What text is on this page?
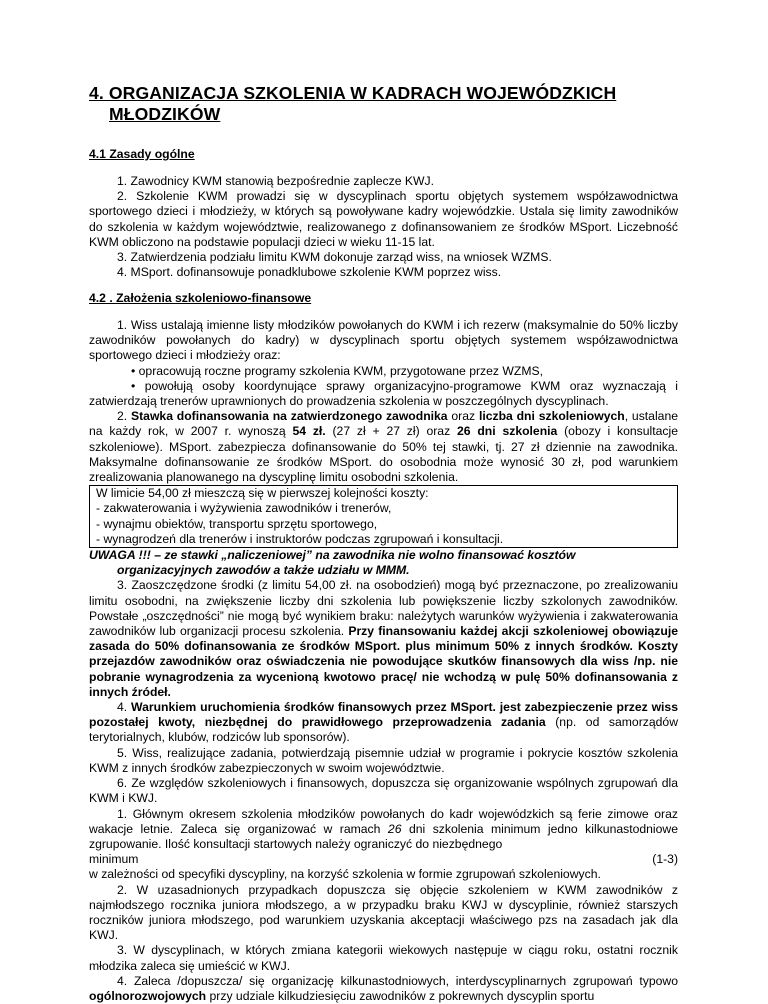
4. ORGANIZACJA SZKOLENIA W KADRACH WOJEWÓDZKICH
MŁODZIKÓW
4.1 Zasady ogólne

1. Zawodnicy KWM stanowią bezpośrednie zaplecze KWJ.

2. Szkolenie KWM prowadzi się w dyscyplinach sportu objętych systemem współzawodnictwa sportowego dzieci i młodzieży, w których są powoływane kadry wojewódzkie. Ustala się limity zawodników do szkolenia w każdym województwie, realizowanego z dofinansowaniem ze środków MSport. Liczebność KWM obliczono na podstawie populacji dzieci w wieku 11-15 lat.

3. Zatwierdzenia podziału limitu KWM dokonuje zarząd wiss, na wniosek WZMS.

4. MSport. dofinansowuje ponadklubowe szkolenie KWM poprzez wiss.

4.2 . Założenia szkoleniowo-finansowe

1. Wiss ustalają imienne listy młodzików powołanych do KWM i ich rezerw (maksymalnie do 50% liczby zawodników powołanych do kadry) w dyscyplinach sportu objętych systemem współzawodnictwa sportowego dzieci i młodzieży oraz:

• opracowują roczne programy szkolenia KWM, przygotowane przez WZMS,

• powołują osoby koordynujące sprawy organizacyjno-programowe KWM oraz wyznaczają i zatwierdzają trenerów uprawnionych do prowadzenia szkolenia w poszczególnych dyscyplinach.

2. Stawka dofinansowania na zatwierdzonego zawodnika oraz liczba dni szkoleniowych, ustalane na każdy rok, w 2007 r. wynoszą 54 zł. (27 zł + 27 zł) oraz 26 dni szkolenia (obozy i konsultacje szkoleniowe). MSport. zabezpiecza dofinansowanie do 50% tej stawki, tj. 27 zł dziennie na zawodnika. Maksymalne dofinansowanie ze środków MSport. do osobodnia może wynosić 30 zł, pod warunkiem zrealizowania planowanego na dyscyplinę limitu osobodni szkolenia.

W limicie 54,00 zł mieszczą się w pierwszej kolejności koszty:

- zakwaterowania i wyżywienia zawodników i trenerów,

- wynajmu obiektów, transportu sprzętu sportowego,

- wynagrodzeń dla trenerów i instruktorów podczas zgrupowań i konsultacji.

UWAGA !!! – ze stawki „naliczeniowej” na zawodnika nie wolno finansować kosztów

organizacyjnych zawodów a także udziału w MMM.

3. Zaoszczędzone środki (z limitu 54,00 zł. na osobodzień) mogą być przeznaczone, po zrealizowaniu limitu osobodni, na zwiększenie liczby dni szkolenia lub powiększenie liczby szkolonych zawodników. Powstałe „oszczędności” nie mogą być wynikiem braku: należytych warunków wyżywienia i zakwaterowania zawodników lub organizacji procesu szkolenia. Przy finansowaniu każdej akcji szkoleniowej obowiązuje zasada do 50% dofinansowania ze środków MSport. plus minimum 50% z innych środków. Koszty przejazdów zawodników oraz oświadczenia nie powodujące skutków finansowych dla wiss /np. nie pobranie wynagrodzenia za wycenioną kwotowo pracę/ nie wchodzą w pulę 50% dofinansowania z innych źródeł.

4. Warunkiem uruchomienia środków finansowych przez MSport. jest zabezpieczenie przez wiss pozostałej kwoty, niezbędnej do prawidłowego przeprowadzenia zadania (np. od samorządów terytorialnych, klubów, rodziców lub sponsorów).

5. Wiss, realizujące zadania, potwierdzają pisemnie udział w programie i pokrycie kosztów szkolenia KWM z innych środków zabezpieczonych w swoim województwie.

6. Ze względów szkoleniowych i finansowych, dopuszcza się organizowanie wspólnych zgrupowań dla KWM i KWJ.

1. Głównym okresem szkolenia młodzików powołanych do kadr wojewódzkich są ferie zimowe oraz wakacje letnie. Zaleca się organizować w ramach 26 dni szkolenia minimum jedno kilkunastodniowe zgrupowanie. Ilość konsultacji startowych należy ograniczyć do niezbędnego

minimum	(1-3)

w zależności od specyfiki dyscypliny, na korzyść szkolenia w formie zgrupowań szkoleniowych.

2. W uzasadnionych przypadkach dopuszcza się objęcie szkoleniem w KWM zawodników z najmłodszego rocznika juniora młodszego, a w przypadku braku KWJ w dyscyplinie, również starszych roczników juniora młodszego, pod warunkiem uzyskania akceptacji właściwego pzs na zasadach jak dla KWJ.

3. W dyscyplinach, w których zmiana kategorii wiekowych następuje w ciągu roku, ostatni rocznik młodzika zaleca się umieścić w KWJ.

4. Zaleca /dopuszcza/ się organizację kilkunastodniowych, interdyscyplinarnych zgrupowań typowo ogólnorozwojowych przy udziale kilkudziesięciu zawodników z pokrewnych dyscyplin sportu
